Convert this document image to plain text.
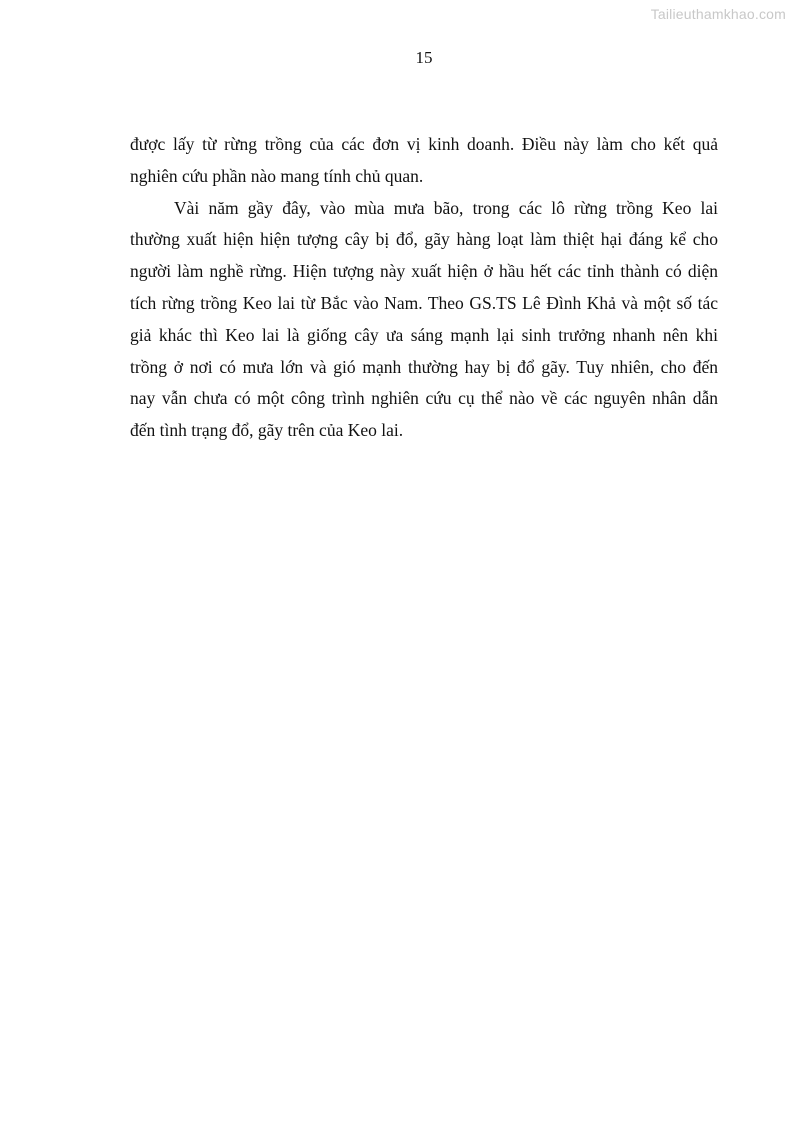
Tailieuthamkhao.com
15

được lấy từ rừng trồng của các đơn vị kinh doanh. Điều này làm cho kết quả
nghiên cứu phần nào mang tính chủ quan.

Vài năm gầy đây, vào mùa mưa bão, trong các lô rừng trồng Keo lai
thường xuất hiện hiện tượng cây bị đổ, gãy hàng loạt làm thiệt hại đáng kể cho
người làm nghề rừng. Hiện tượng này xuất hiện ở hầu hết các tỉnh thành có diện
tích rừng trồng Keo lai từ Bắc vào Nam. Theo GS.TS Lê Đình Khả và một số tác
giả khác thì Keo lai là giống cây ưa sáng mạnh lại sinh trưởng nhanh nên khi
trồng ở nơi có mưa lớn và gió mạnh thường hay bị đổ gãy. Tuy nhiên, cho đến
nay vẫn chưa có một công trình nghiên cứu cụ thể nào về các nguyên nhân dẫn
đến tình trạng đổ, gãy trên của Keo lai.
